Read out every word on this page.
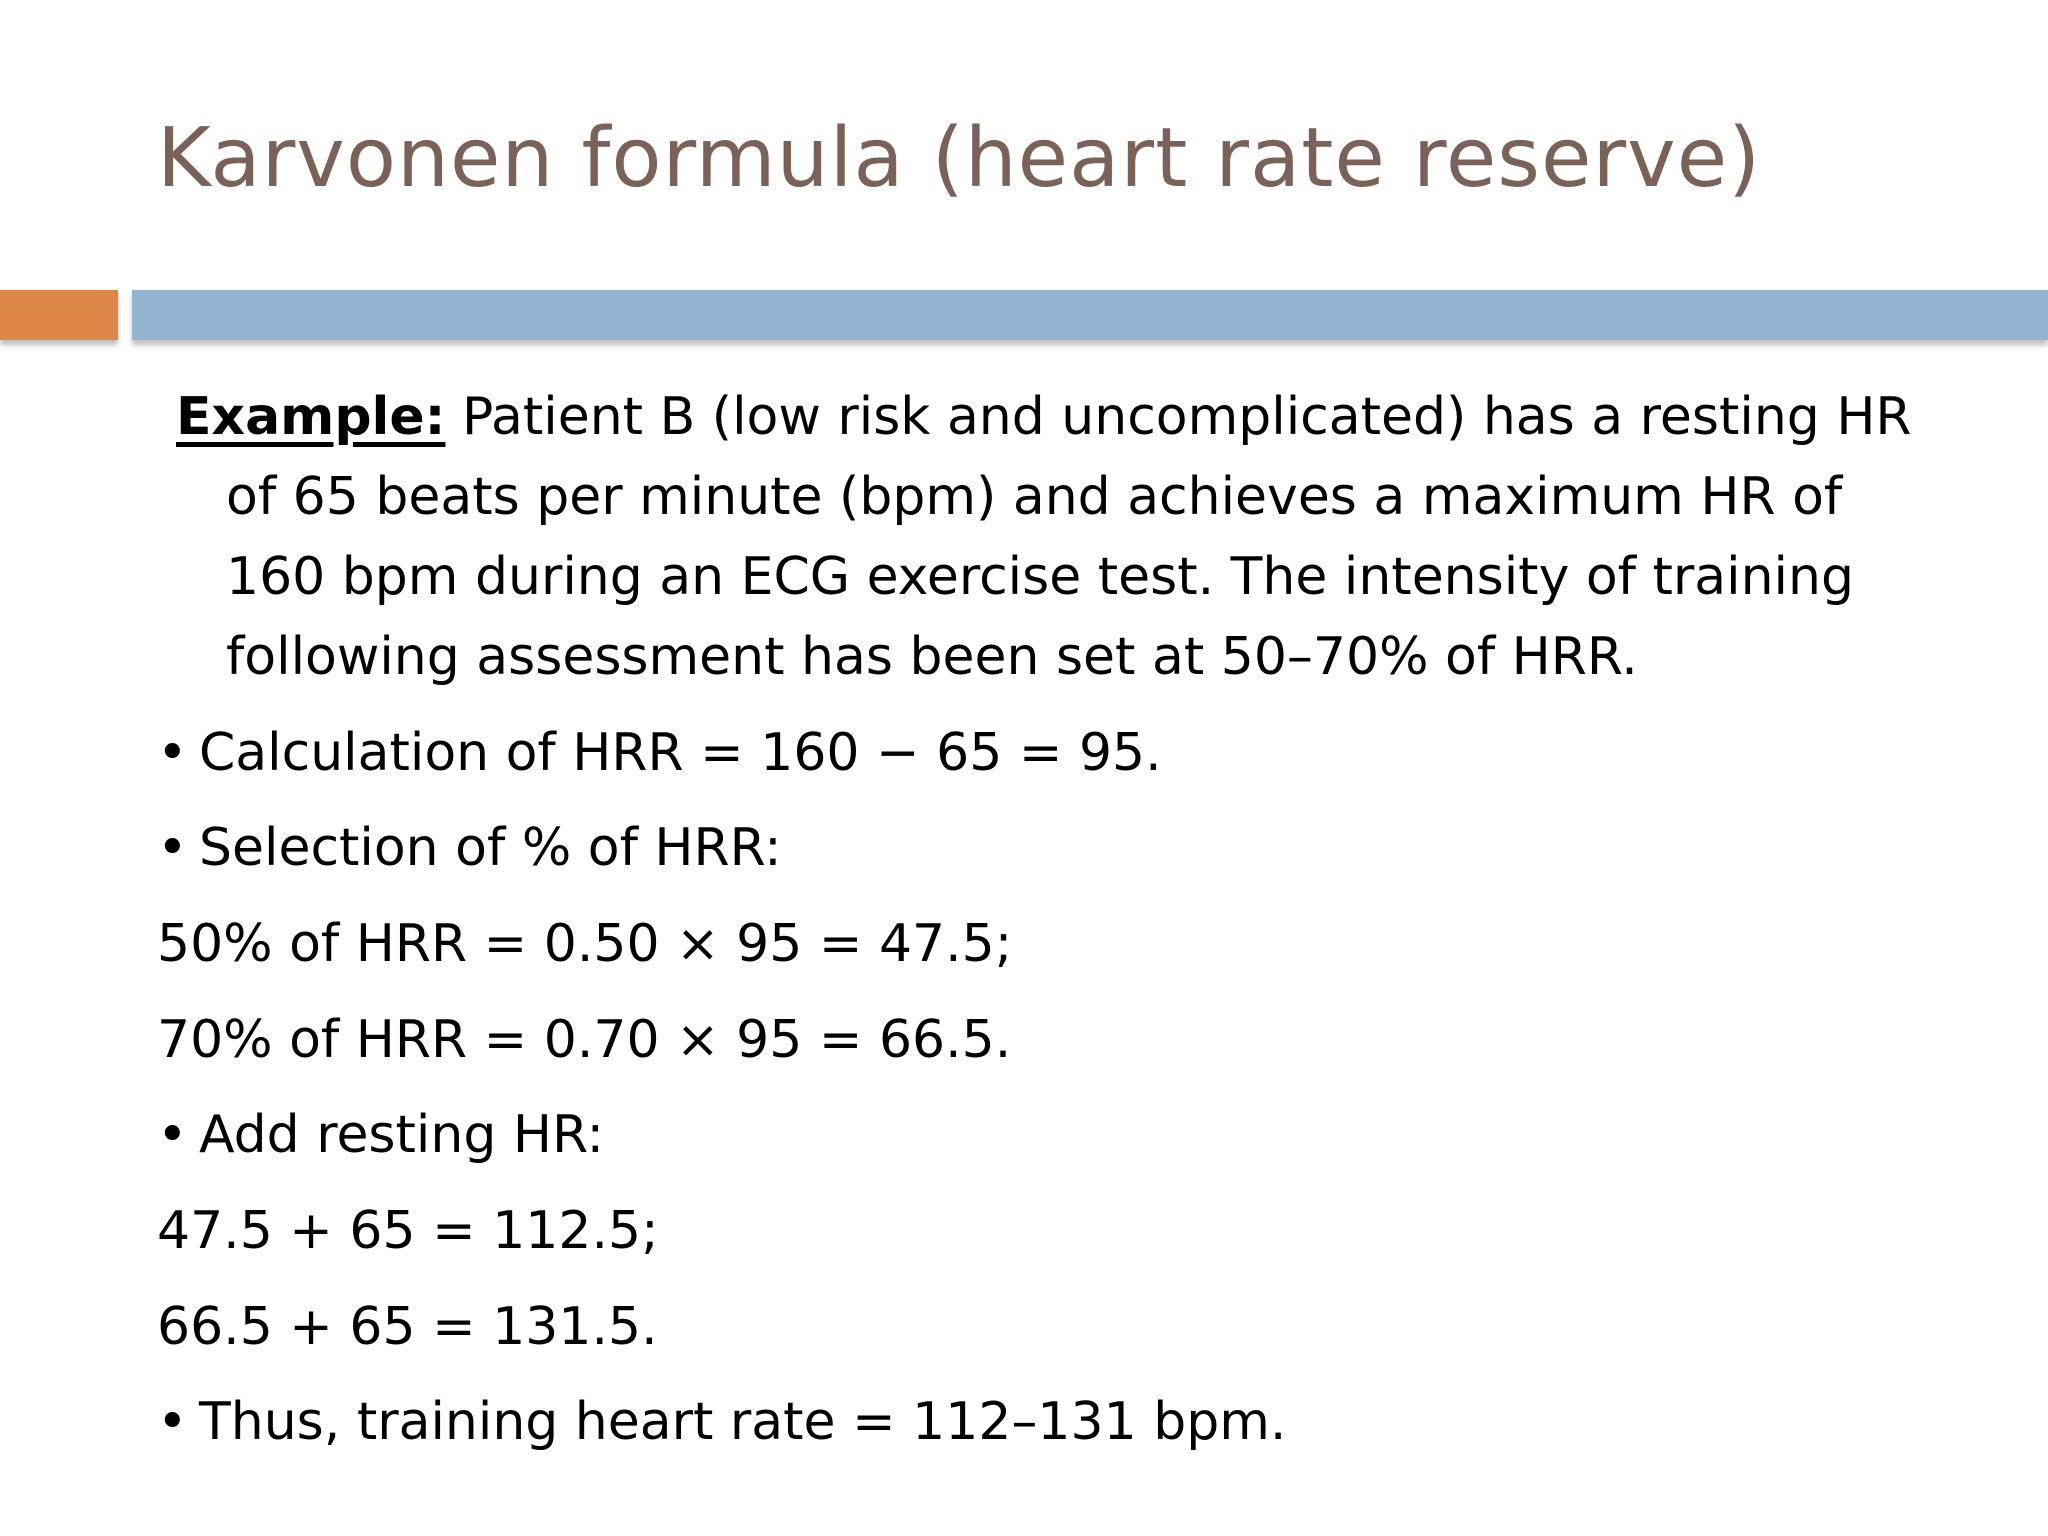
Karvonen formula (heart rate reserve)
Example: Patient B (low risk and uncomplicated) has a resting HR
of 65 beats per minute (bpm) and achieves a maximum HR of
160 bpm during an ECG exercise test. The intensity of training
following assessment has been set at 50–70% of HRR.
• Calculation of HRR = 160 − 65 = 95.
• Selection of % of HRR:
50% of HRR = 0.50 × 95 = 47.5;
70% of HRR = 0.70 × 95 = 66.5.
• Add resting HR:
47.5 + 65 = 112.5;
66.5 + 65 = 131.5.
• Thus, training heart rate = 112–131 bpm.
